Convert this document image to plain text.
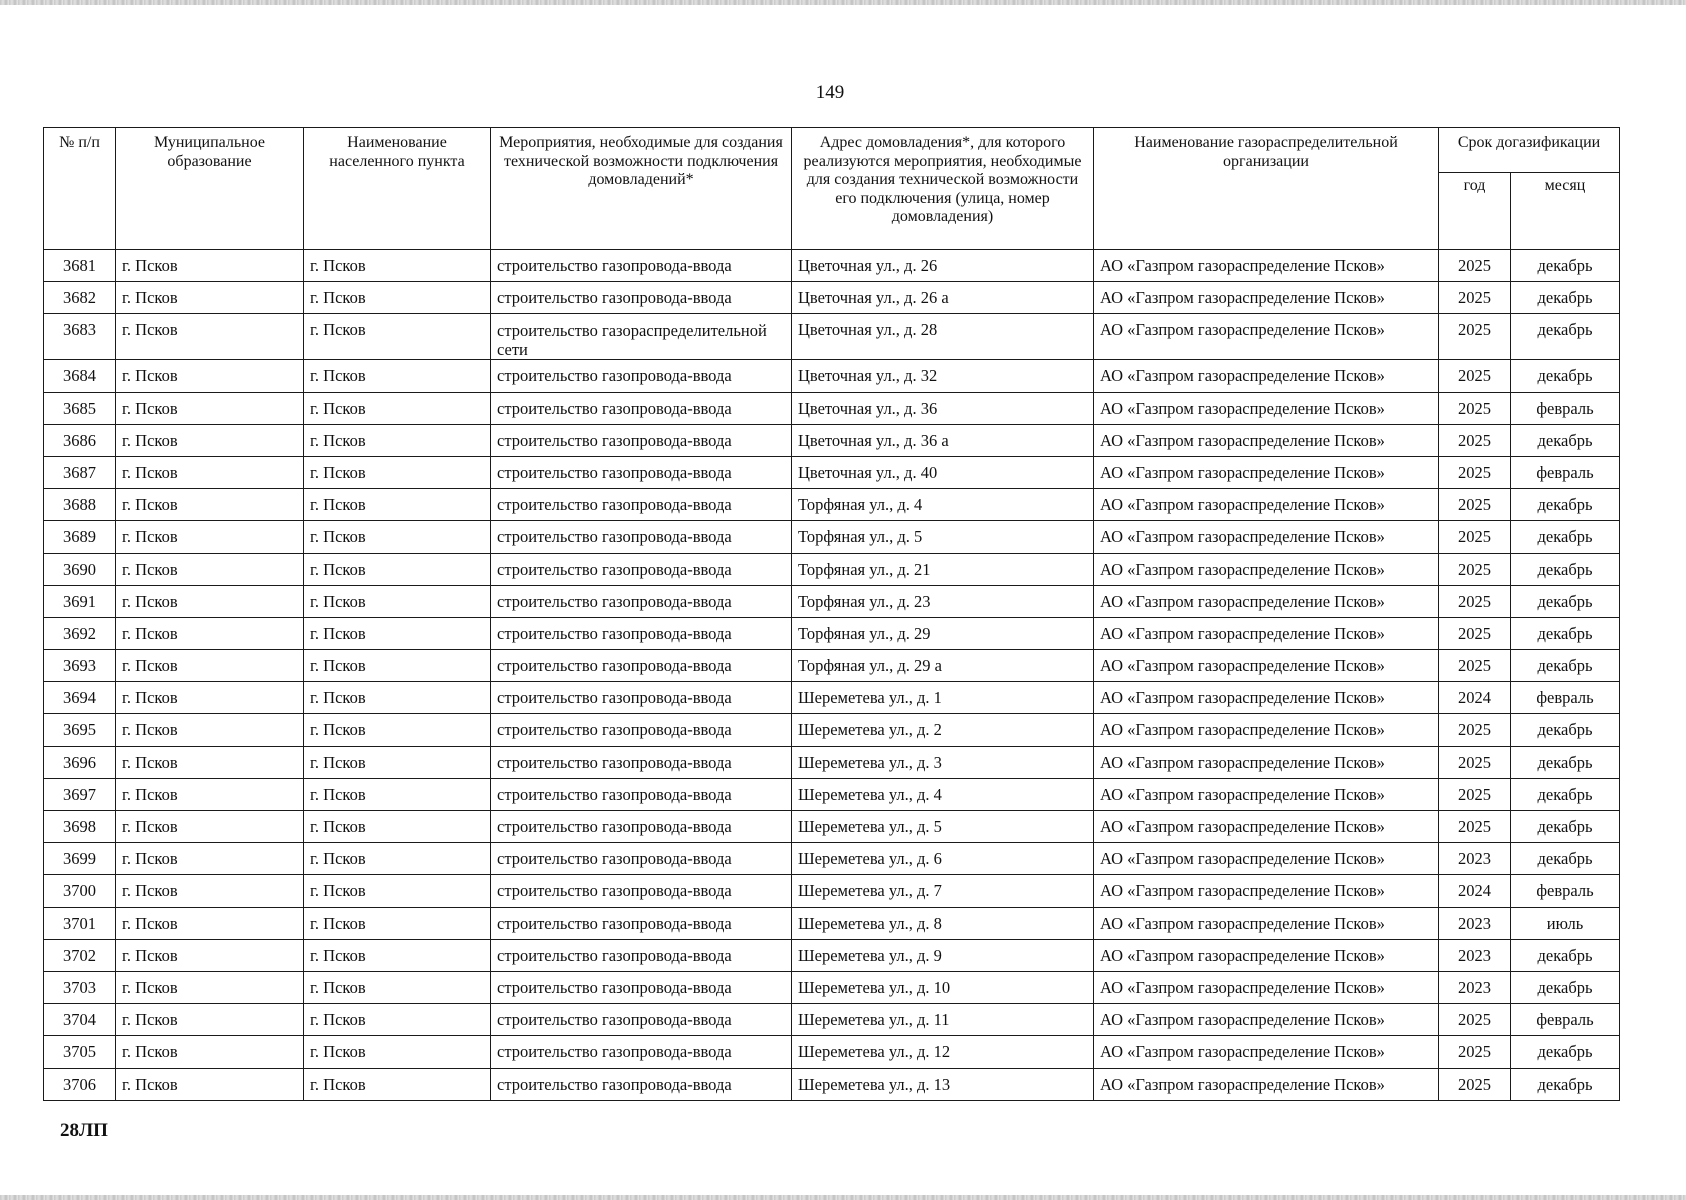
149
№ п/п	Муниципальное образование	Наименование населенного пункта	Мероприятия, необходимые для создания технической возможности подключения домовладений*	Адрес домовладения*, для которого реализуются мероприятия, необходимые для создания технической возможности его подключения (улица, номер домовладения)	Наименование газораспределительной организации	Срок догазификации	
						год	месяц
3681	г. Псков	г. Псков	строительство газопровода-ввода	Цветочная ул., д. 26	АО «Газпром газораспределение Псков»	2025	декабрь
3682	г. Псков	г. Псков	строительство газопровода-ввода	Цветочная ул., д. 26 а	АО «Газпром газораспределение Псков»	2025	декабрь
3683	г. Псков	г. Псков	строительство газораспределительной сети	Цветочная ул., д. 28	АО «Газпром газораспределение Псков»	2025	декабрь
3684	г. Псков	г. Псков	строительство газопровода-ввода	Цветочная ул., д. 32	АО «Газпром газораспределение Псков»	2025	декабрь
3685	г. Псков	г. Псков	строительство газопровода-ввода	Цветочная ул., д. 36	АО «Газпром газораспределение Псков»	2025	февраль
3686	г. Псков	г. Псков	строительство газопровода-ввода	Цветочная ул., д. 36 а	АО «Газпром газораспределение Псков»	2025	декабрь
3687	г. Псков	г. Псков	строительство газопровода-ввода	Цветочная ул., д. 40	АО «Газпром газораспределение Псков»	2025	февраль
3688	г. Псков	г. Псков	строительство газопровода-ввода	Торфяная ул., д. 4	АО «Газпром газораспределение Псков»	2025	декабрь
3689	г. Псков	г. Псков	строительство газопровода-ввода	Торфяная ул., д. 5	АО «Газпром газораспределение Псков»	2025	декабрь
3690	г. Псков	г. Псков	строительство газопровода-ввода	Торфяная ул., д. 21	АО «Газпром газораспределение Псков»	2025	декабрь
3691	г. Псков	г. Псков	строительство газопровода-ввода	Торфяная ул., д. 23	АО «Газпром газораспределение Псков»	2025	декабрь
3692	г. Псков	г. Псков	строительство газопровода-ввода	Торфяная ул., д. 29	АО «Газпром газораспределение Псков»	2025	декабрь
3693	г. Псков	г. Псков	строительство газопровода-ввода	Торфяная ул., д. 29 а	АО «Газпром газораспределение Псков»	2025	декабрь
3694	г. Псков	г. Псков	строительство газопровода-ввода	Шереметева ул., д. 1	АО «Газпром газораспределение Псков»	2024	февраль
3695	г. Псков	г. Псков	строительство газопровода-ввода	Шереметева ул., д. 2	АО «Газпром газораспределение Псков»	2025	декабрь
3696	г. Псков	г. Псков	строительство газопровода-ввода	Шереметева ул., д. 3	АО «Газпром газораспределение Псков»	2025	декабрь
3697	г. Псков	г. Псков	строительство газопровода-ввода	Шереметева ул., д. 4	АО «Газпром газораспределение Псков»	2025	декабрь
3698	г. Псков	г. Псков	строительство газопровода-ввода	Шереметева ул., д. 5	АО «Газпром газораспределение Псков»	2025	декабрь
3699	г. Псков	г. Псков	строительство газопровода-ввода	Шереметева ул., д. 6	АО «Газпром газораспределение Псков»	2023	декабрь
3700	г. Псков	г. Псков	строительство газопровода-ввода	Шереметева ул., д. 7	АО «Газпром газораспределение Псков»	2024	февраль
3701	г. Псков	г. Псков	строительство газопровода-ввода	Шереметева ул., д. 8	АО «Газпром газораспределение Псков»	2023	июль
3702	г. Псков	г. Псков	строительство газопровода-ввода	Шереметева ул., д. 9	АО «Газпром газораспределение Псков»	2023	декабрь
3703	г. Псков	г. Псков	строительство газопровода-ввода	Шереметева ул., д. 10	АО «Газпром газораспределение Псков»	2023	декабрь
3704	г. Псков	г. Псков	строительство газопровода-ввода	Шереметева ул., д. 11	АО «Газпром газораспределение Псков»	2025	февраль
3705	г. Псков	г. Псков	строительство газопровода-ввода	Шереметева ул., д. 12	АО «Газпром газораспределение Псков»	2025	декабрь
3706	г. Псков	г. Псков	строительство газопровода-ввода	Шереметева ул., д. 13	АО «Газпром газораспределение Псков»	2025	декабрь
28ЛП
